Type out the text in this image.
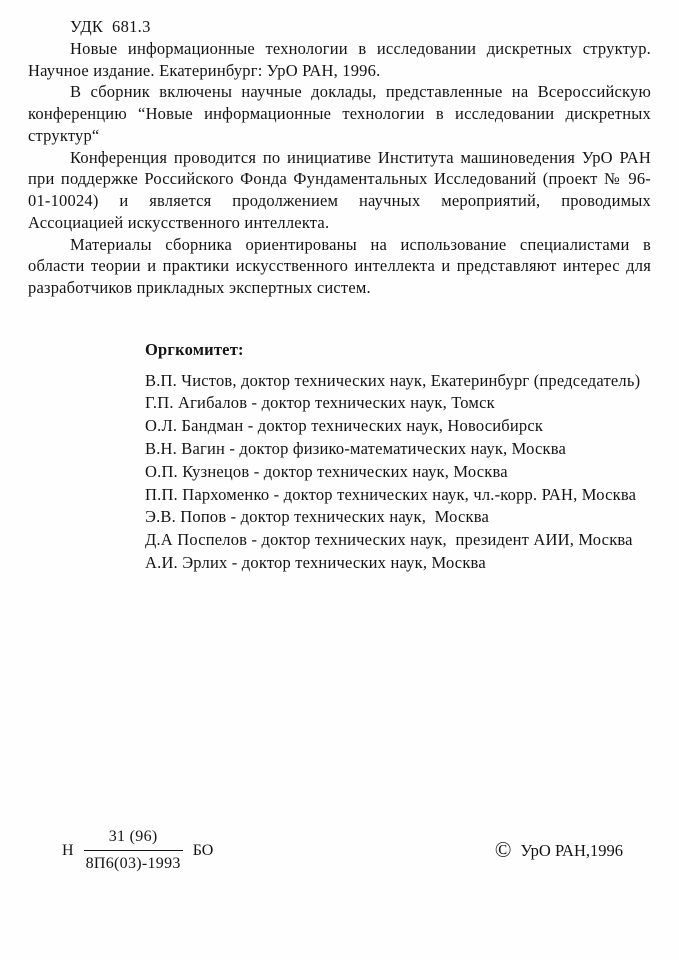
УДК  681.3

Новые информационные технологии в исследовании дискретных структур. Научное издание. Екатеринбург: УрО РАН, 1996.

В сборник включены научные доклады, представленные на Всероссийскую конференцию “Новые информационные технологии в исследовании дискретных структур“

Конференция проводится по инициативе Института машиноведения УрО РАН при поддержке Российского Фонда Фундаментальных Исследований (проект № 96-01-10024) и является продолжением научных мероприятий, проводимых Ассоциацией искусственного интеллекта.

Материалы сборника ориентированы на использование специалистами в области теории и практики искусственного интеллекта и представляют интерес для разработчиков прикладных экспертных систем.

Оргкомитет:
В.П. Чистов, доктор технических наук, Екатеринбург (председатель)
Г.П. Агибалов - доктор технических наук, Томск
О.Л. Бандман - доктор технических наук, Новосибирск
В.Н. Вагин - доктор физико-математических наук, Москва
О.П. Кузнецов - доктор технических наук, Москва
П.П. Пархоменко - доктор технических наук, чл.-корр. РАН, Москва
Э.В. Попов - доктор технических наук,  Москва
Д.А Поспелов - доктор технических наук,  президент АИИ, Москва
А.И. Эрлих - доктор технических наук, Москва
Н $\frac{31 (96)}{8П6(03)-1993}$ БО	© УрО РАН,1996
